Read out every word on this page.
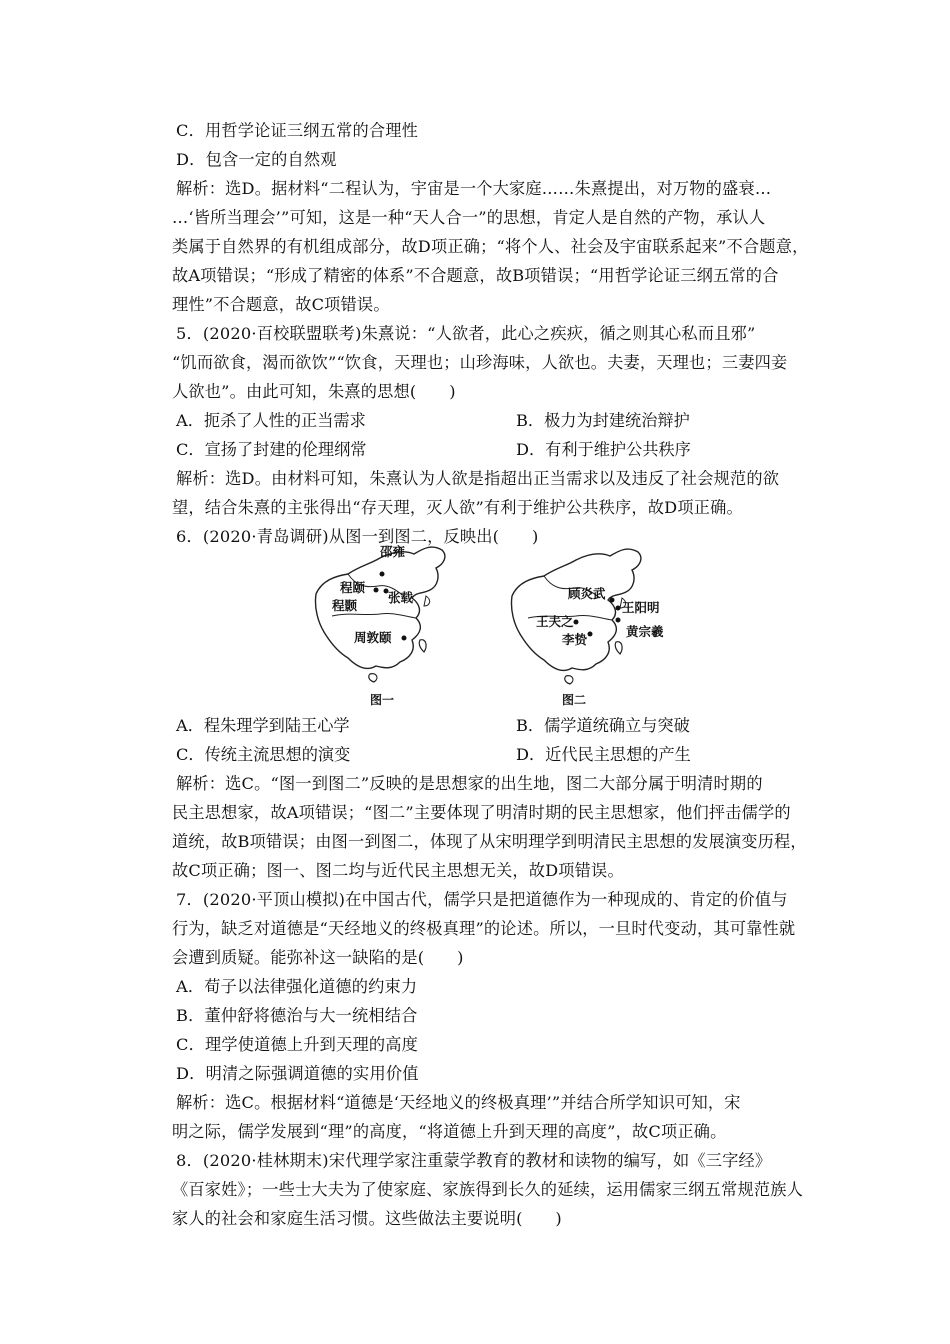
C．用哲学论证三纲五常的合理性
D．包含一定的自然观
解析：选D。据材料“二程认为，宇宙是一个大家庭……朱熹提出，对万物的盛衰…
…‘皆所当理会’”可知，这是一种“天人合一”的思想，肯定人是自然的产物，承认人
类属于自然界的有机组成部分，故D项正确；“将个人、社会及宇宙联系起来”不合题意，
故A项错误；“形成了精密的体系”不合题意，故B项错误；“用哲学论证三纲五常的合
理性”不合题意，故C项错误。
5．(2020·百校联盟联考)朱熹说：“人欲者，此心之疾疢，循之则其心私而且邪”
“饥而欲食，渴而欲饮”“饮食，天理也；山珍海味，人欲也。夫妻，天理也；三妻四妾
人欲也”。由此可知，朱熹的思想(　　)
A．扼杀了人性的正当需求	B．极力为封建统治辩护
C．宣扬了封建的伦理纲常	D．有利于维护公共秩序
解析：选D。由材料可知，朱熹认为人欲是指超出正当需求以及违反了社会规范的欲
望，结合朱熹的主张得出“存天理，灭人欲”有利于维护公共秩序，故D项正确。
6．(2020·青岛调研)从图一到图二，反映出(　　)
邵雍
程颐
程颢
张载
周敦颐
图一
顾炎武
王阳明
王夫之
李贽
黄宗羲
图二
A．程朱理学到陆王心学	B．儒学道统确立与突破
C．传统主流思想的演变	D．近代民主思想的产生
解析：选C。“图一到图二”反映的是思想家的出生地，图二大部分属于明清时期的
民主思想家，故A项错误；“图二”主要体现了明清时期的民主思想家，他们抨击儒学的
道统，故B项错误；由图一到图二，体现了从宋明理学到明清民主思想的发展演变历程，
故C项正确；图一、图二均与近代民主思想无关，故D项错误。
7．(2020·平顶山模拟)在中国古代，儒学只是把道德作为一种现成的、肯定的价值与
行为，缺乏对道德是“天经地义的终极真理”的论述。所以，一旦时代变动，其可靠性就
会遭到质疑。能弥补这一缺陷的是(　　)
A．荀子以法律强化道德的约束力
B．董仲舒将德治与大一统相结合
C．理学使道德上升到天理的高度
D．明清之际强调道德的实用价值
解析：选C。根据材料“道德是‘天经地义的终极真理’”并结合所学知识可知，宋
明之际，儒学发展到“理”的高度，“将道德上升到天理的高度”，故C项正确。
8．(2020·桂林期末)宋代理学家注重蒙学教育的教材和读物的编写，如《三字经》
《百家姓》；一些士大夫为了使家庭、家族得到长久的延续，运用儒家三纲五常规范族人
家人的社会和家庭生活习惯。这些做法主要说明(　　)
